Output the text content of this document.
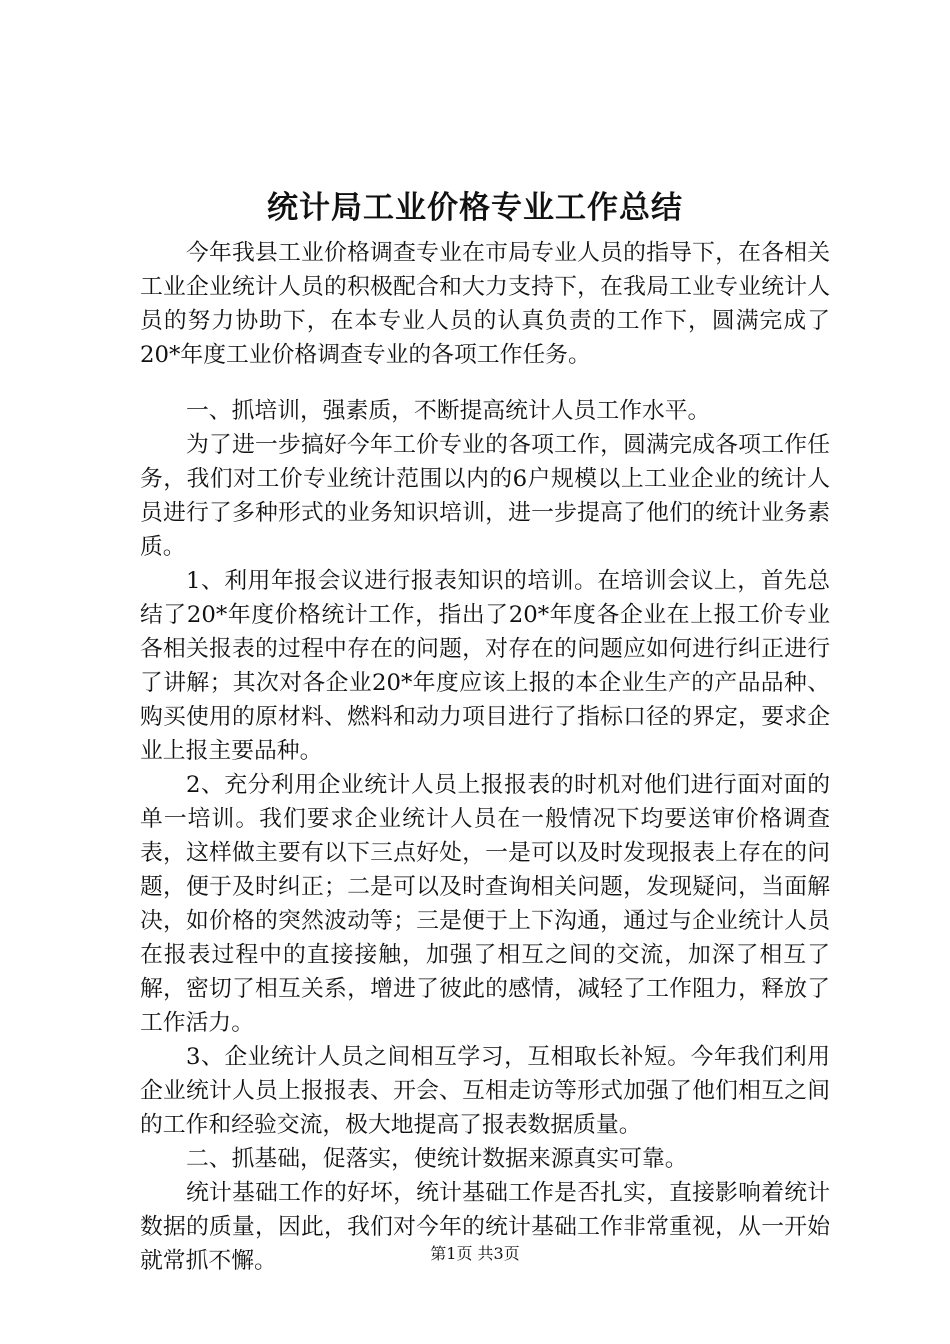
统计局工业价格专业工作总结

今年我县工业价格调查专业在市局专业人员的指导下，在各相关工业企业统计人员的积极配合和大力支持下，在我局工业专业统计人员的努力协助下，在本专业人员的认真负责的工作下，圆满完成了20*年度工业价格调查专业的各项工作任务。

一、抓培训，强素质，不断提高统计人员工作水平。

为了进一步搞好今年工价专业的各项工作，圆满完成各项工作任务，我们对工价专业统计范围以内的6户规模以上工业企业的统计人员进行了多种形式的业务知识培训，进一步提高了他们的统计业务素质。

1、利用年报会议进行报表知识的培训。在培训会议上，首先总结了20*年度价格统计工作，指出了20*年度各企业在上报工价专业各相关报表的过程中存在的问题，对存在的问题应如何进行纠正进行了讲解；其次对各企业20*年度应该上报的本企业生产的产品品种、购买使用的原材料、燃料和动力项目进行了指标口径的界定，要求企业上报主要品种。

2、充分利用企业统计人员上报报表的时机对他们进行面对面的单一培训。我们要求企业统计人员在一般情况下均要送审价格调查表，这样做主要有以下三点好处，一是可以及时发现报表上存在的问题，便于及时纠正；二是可以及时查询相关问题，发现疑问，当面解决，如价格的突然波动等；三是便于上下沟通，通过与企业统计人员在报表过程中的直接接触，加强了相互之间的交流，加深了相互了解，密切了相互关系，增进了彼此的感情，减轻了工作阻力，释放了工作活力。

3、企业统计人员之间相互学习，互相取长补短。今年我们利用企业统计人员上报报表、开会、互相走访等形式加强了他们相互之间的工作和经验交流，极大地提高了报表数据质量。

二、抓基础，促落实，使统计数据来源真实可靠。

统计基础工作的好坏，统计基础工作是否扎实，直接影响着统计数据的质量，因此，我们对今年的统计基础工作非常重视，从一开始就常抓不懈。	第1页 共3页
